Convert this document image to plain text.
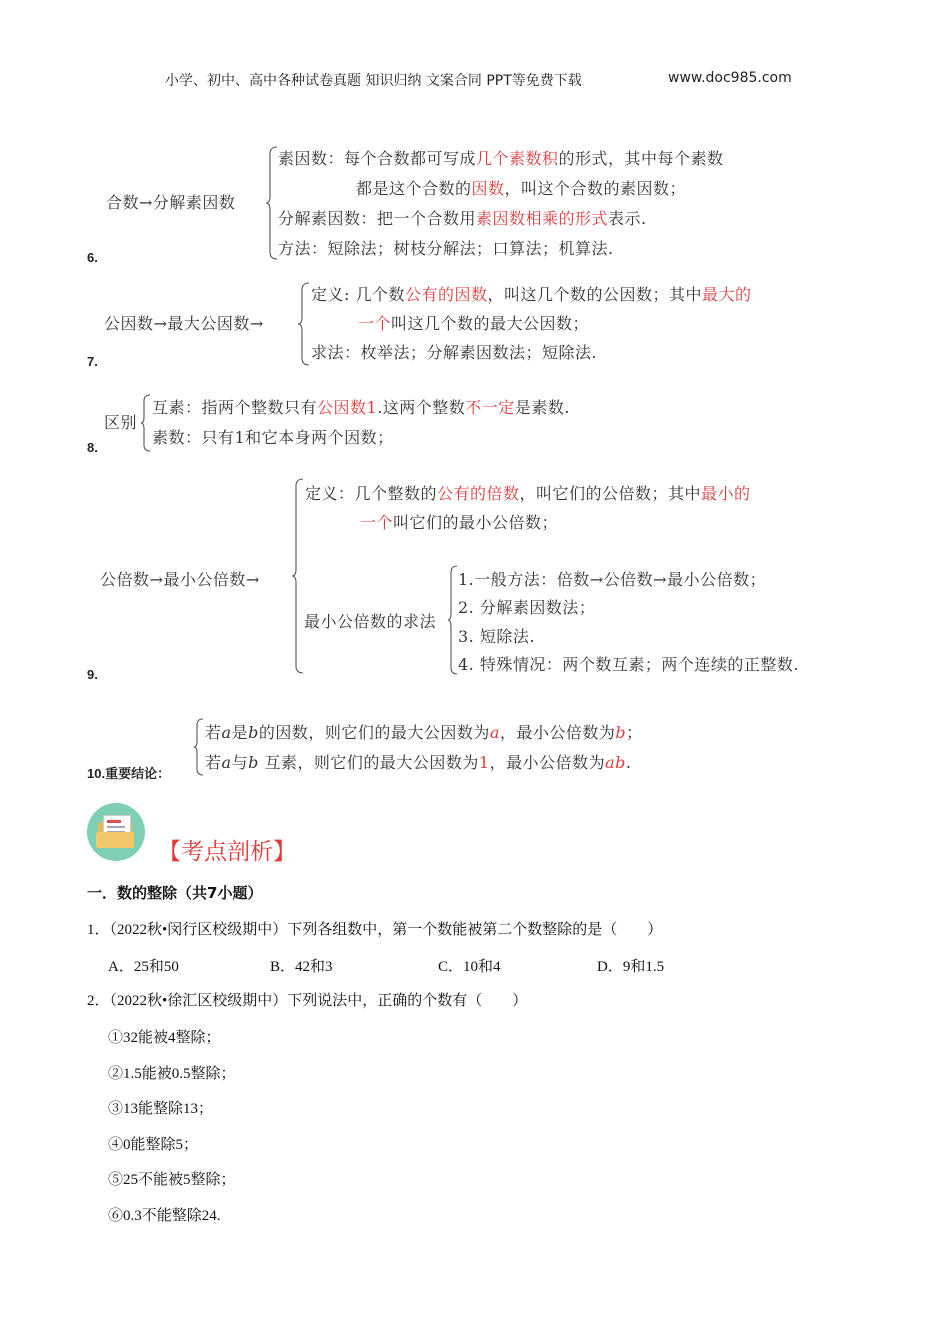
小学、初中、高中各种试卷真题 知识归纳 文案合同 PPT等免费下载	www.doc985.com
6.
合数→分解素因数
素因数：每个合数都可写成几个素数积的形式，其中每个素数
都是这个合数的因数，叫这个合数的素因数；
分解素因数：把一个合数用素因数相乘的形式表示.
方法：短除法；树枝分解法；口算法；机算法.
7.
公因数→最大公因数→
定义: 几个数公有的因数，叫这几个数的公因数；其中最大的
一个叫这几个数的最大公因数；
求法：枚举法；分解素因数法；短除法.
8.
区别
互素：指两个整数只有公因数1.这两个整数不一定是素数.
素数：只有1和它本身两个因数；
9.
公倍数→最小公倍数→
定义：几个整数的公有的倍数，叫它们的公倍数；其中最小的
一个叫它们的最小公倍数；
最小公倍数的求法
1.一般方法：倍数→公倍数→最小公倍数；
2. 分解素因数法；
3. 短除法.
4. 特殊情况：两个数互素；两个连续的正整数.
10.重要结论：
若a是b的因数，则它们的最大公因数为a，最小公倍数为b；
若a与b 互素，则它们的最大公因数为1，最小公倍数为ab.
【考点剖析】
一．数的整除（共7小题）
1．（2022秋•闵行区校级期中）下列各组数中，第一个数能被第二个数整除的是（　　）
A．25和50	B．42和3	C．10和4	D．9和1.5
2．（2022秋•徐汇区校级期中）下列说法中，正确的个数有（　　）
①32能被4整除；
②1.5能被0.5整除；
③13能整除13；
④0能整除5；
⑤25不能被5整除；
⑥0.3不能整除24.
